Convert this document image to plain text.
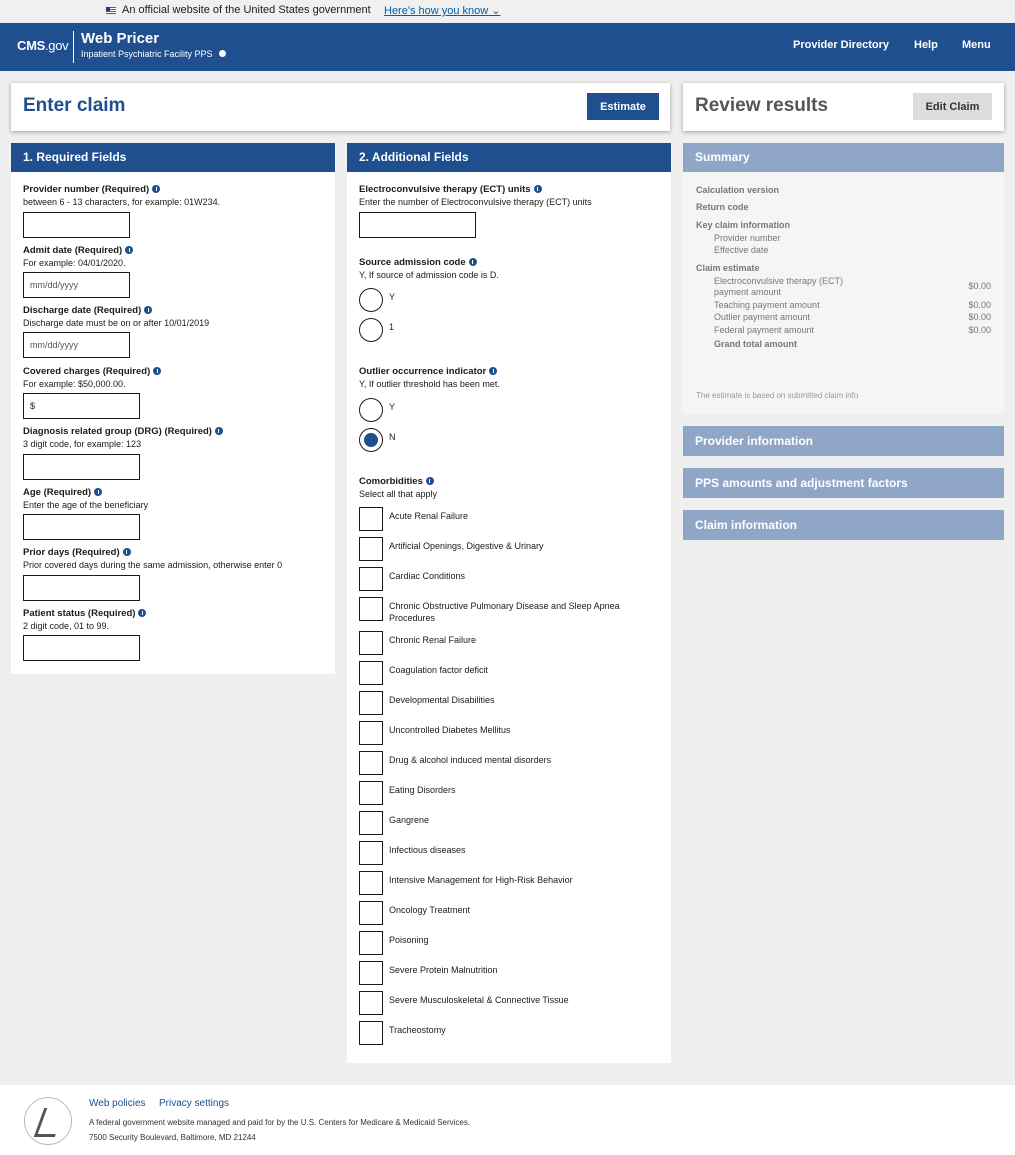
An official website of the United States government Here's how you know ⌄
CMS.gov Web Pricer
Inpatient Psychiatric Facility PPS
Provider Directory Help Menu
Enter claim	Estimate	Review results	Edit Claim
1. Required Fields
Provider number (Required)
between 6 - 13 characters, for example: 01W234.
Admit date (Required)
For example: 04/01/2020.
mm/dd/yyyy
Discharge date (Required)
Discharge date must be on or after 10/01/2019
mm/dd/yyyy
Covered charges (Required)
For example: $50,000.00.
$
Diagnosis related group (DRG) (Required)
3 digit code, for example: 123
Age (Required)
Enter the age of the beneficiary
Prior days (Required)
Prior covered days during the same admission, otherwise enter 0
Patient status (Required)
2 digit code, 01 to 99.
2. Additional Fields
Electroconvulsive therapy (ECT) units
Enter the number of Electroconvulsive therapy (ECT) units
Source admission code
Y, If source of admission code is D.
Y
1
Outlier occurrence indicator
Y, If outlier threshold has been met.
Y
N
Comorbidities
Select all that apply
Acute Renal Failure
Artificial Openings, Digestive & Urinary
Cardiac Conditions
Chronic Obstructive Pulmonary Disease and Sleep Apnea Procedures
Chronic Renal Failure
Coagulation factor deficit
Developmental Disabilities
Uncontrolled Diabetes Mellitus
Drug & alcohol induced mental disorders
Eating Disorders
Gangrene
Infectious diseases
Intensive Management for High-Risk Behavior
Oncology Treatment
Poisoning
Severe Protein Malnutrition
Severe Musculoskeletal & Connective Tissue
Tracheostomy
Summary
Calculation version
Return code
Key claim information
Provider number
Effective date
Claim estimate
Electroconvulsive therapy (ECT)
payment amount
$0.00
Teaching payment amount	$0.00
Outlier payment amount	$0.00
Federal payment amount	$0.00
Grand total amount
The estimate is based on submitted claim info
Provider information
PPS amounts and adjustment factors
Claim information
Web policies Privacy settings
A federal government website managed and paid for by the U.S. Centers for Medicare & Medicaid Services.
7500 Security Boulevard, Baltimore, MD 21244
